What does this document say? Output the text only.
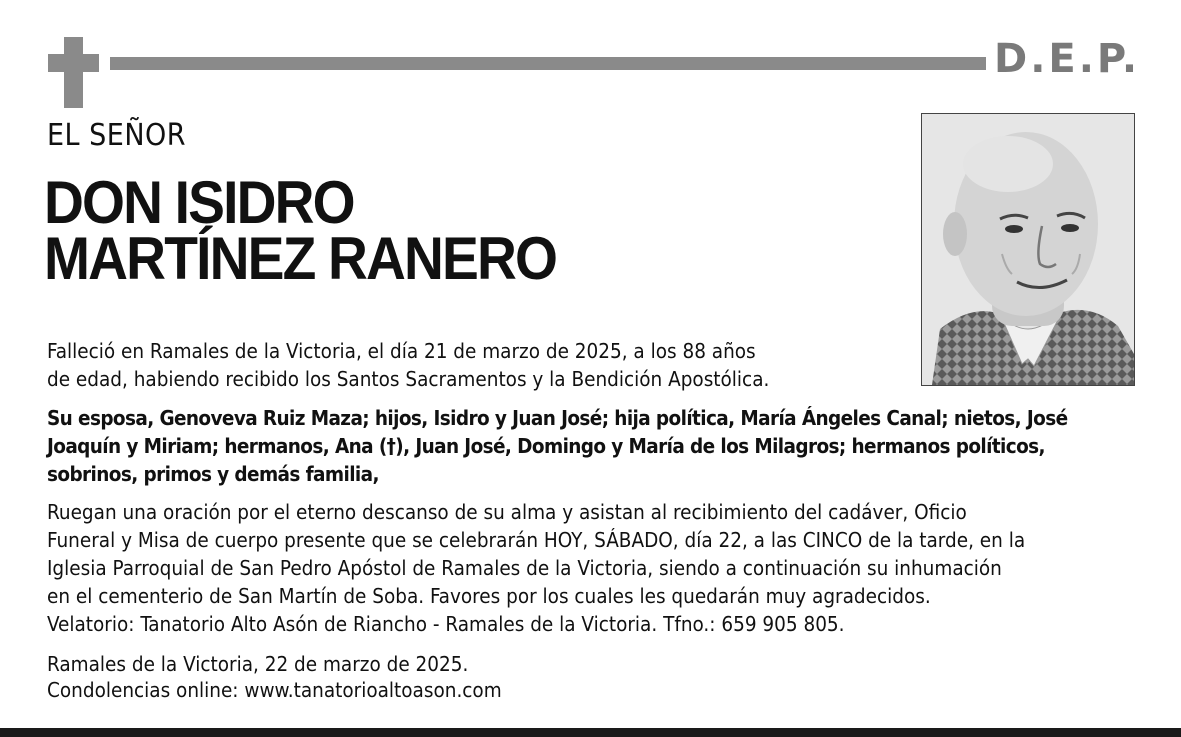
D.E.P.
EL SEÑOR
DON ISIDRO
MARTÍNEZ RANERO

Falleció en Ramales de la Victoria, el día 21 de marzo de 2025, a los 88 años

de edad, habiendo recibido los Santos Sacramentos y la Bendición Apostólica.

Su esposa, Genoveva Ruiz Maza; hijos, Isidro y Juan José; hija política, María Ángeles Canal; nietos, José

Joaquín y Miriam; hermanos, Ana (†), Juan José, Domingo y María de los Milagros; hermanos políticos,

sobrinos, primos y demás familia,

Ruegan una oración por el eterno descanso de su alma y asistan al recibimiento del cadáver, Oficio

Funeral y Misa de cuerpo presente que se celebrarán HOY, SÁBADO, día 22, a las CINCO de la tarde, en la

Iglesia Parroquial de San Pedro Apóstol de Ramales de la Victoria, siendo a continuación su inhumación

en el cementerio de San Martín de Soba. Favores por los cuales les quedarán muy agradecidos.

Velatorio: Tanatorio Alto Asón de Riancho - Ramales de la Victoria. Tfno.: 659 905 805.

Ramales de la Victoria, 22 de marzo de 2025.

Condolencias online: www.tanatorioaltoason.com
